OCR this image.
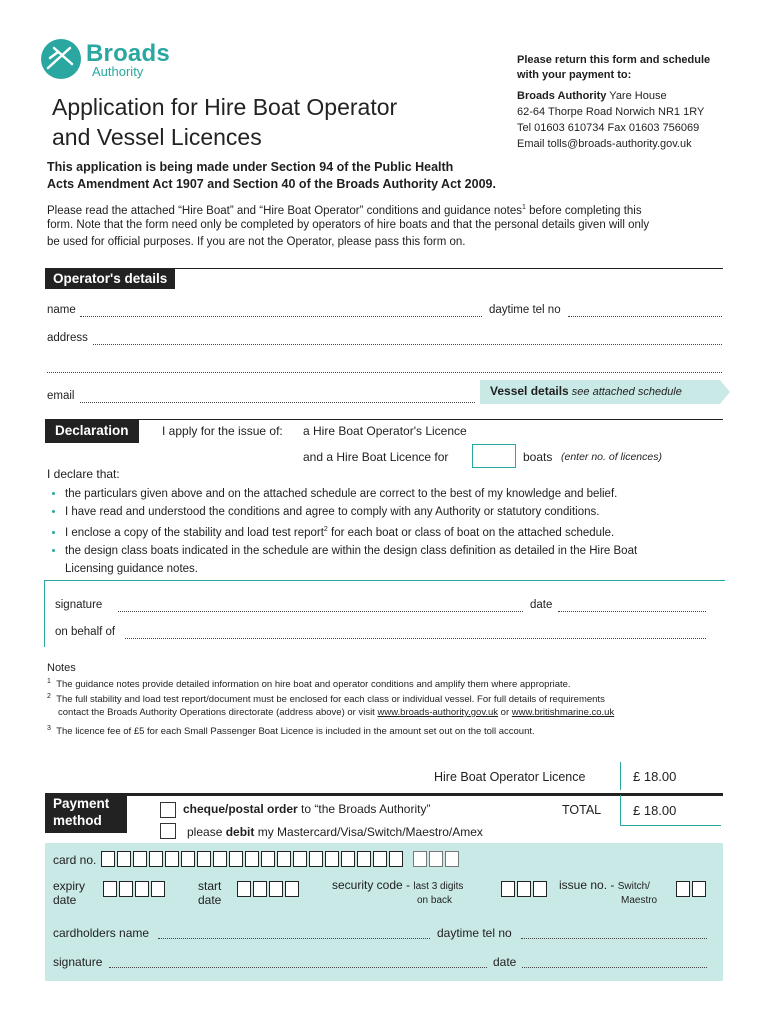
Broads
Authority
Application for Hire Boat Operator
and Vessel Licences
Please return this form and schedule
with your payment to:
Broads Authority Yare House
62-64 Thorpe Road Norwich NR1 1RY
Tel 01603 610734 Fax 01603 756069
Email tolls@broads-authority.gov.uk
This application is being made under Section 94 of the Public Health
Acts Amendment Act 1907 and Section 40 of the Broads Authority Act 2009.
Please read the attached “Hire Boat” and “Hire Boat Operator” conditions and guidance notes$^1$ before completing this
form. Note that the form need only be completed by operators of hire boats and that the personal details given will only
be used for official purposes. If you are not the Operator, please pass this form on.
Operator's details
name	daytime tel no
address
email	Vessel details see attached schedule
Declaration	I apply for the issue of: a Hire Boat Operator's Licence
and a Hire Boat Licence for	boats (enter no. of licences)
I declare that:
• the particulars given above and on the attached schedule are correct to the best of my knowledge and belief.
• I have read and understood the conditions and agree to comply with any Authority or statutory conditions.
• I enclose a copy of the stability and load test report$^2$ for each boat or class of boat on the attached schedule.
• the design class boats indicated in the schedule are within the design class definition as detailed in the Hire Boat
Licensing guidance notes.
signature	date
on behalf of
Notes
$^1$ The guidance notes provide detailed information on hire boat and operator conditions and amplify them where appropriate.
$^2$ The full stability and load test report/document must be enclosed for each class or individual vessel. For full details of requirements
contact the Broads Authority Operations directorate (address above) or visit www.broads-authority.gov.uk or www.britishmarine.co.uk
$^3$ The licence fee of £5 for each Small Passenger Boat Licence is included in the amount set out on the toll account.
Hire Boat Operator Licence	£ 18.00
Payment
method
cheque/postal order to “the Broads Authority”	TOTAL £ 18.00
please debit my Mastercard/Visa/Switch/Maestro/Amex
card no.
expiry
date
start
date
security code - last 3 digits
on back
issue no. - Switch/
Maestro
cardholders name	daytime tel no
signature	date
